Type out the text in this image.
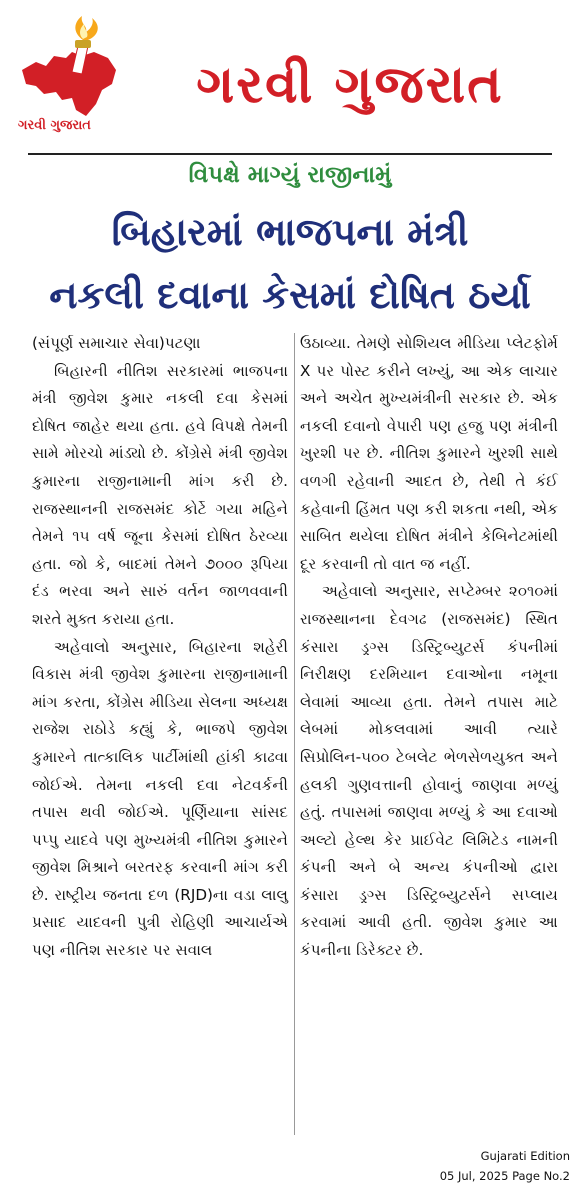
ગરવી ગુજરાત
ગરવી ગુજરાત
વિપક્ષે માગ્યું રાજીનામું
બિહારમાં ભાજપના મંત્રી
નકલી દવાના કેસમાં દોષિત ઠર્યા

(સંપૂર્ણ સમાચાર સેવા)પટણા

બિહારની નીતિશ સરકારમાં ભાજપના મંત્રી જીવેશ કુમાર નકલી દવા કેસમાં દોષિત જાહેર થયા હતા. હવે વિપક્ષે તેમની સામે મોરચો માંડ્યો છે. કોંગ્રેસે મંત્રી જીવેશ કુમારના રાજીનામાની માંગ કરી છે. રાજસ્થાનની રાજસમંદ કોર્ટે ગયા મહિને તેમને ૧૫ વર્ષ જૂના કેસમાં દોષિત ઠેરવ્યા હતા. જો કે, બાદમાં તેમને ૭૦૦૦ રૂપિયા દંડ ભરવા અને સારું વર્તન જાળવવાની શરતે મુક્ત કરાયા હતા.

અહેવાલો અનુસાર, બિહારના શહેરી વિકાસ મંત્રી જીવેશ કુમારના રાજીનામાની માંગ કરતા, કોંગ્રેસ મીડિયા સેલના અધ્યક્ષ રાજેશ રાઠોડે કહ્યું કે, ભાજપે જીવેશ કુમારને તાત્કાલિક પાર્ટીમાંથી હાંકી કાઢવા જોઈએ. તેમના નકલી દવા નેટવર્કની તપાસ થવી જોઈએ. પૂર્ણિયાના સાંસદ પપ્પુ યાદવે પણ મુખ્યમંત્રી નીતિશ કુમારને જીવેશ મિશ્રાને બરતરફ કરવાની માંગ કરી છે. રાષ્ટ્રીય જનતા દળ (RJD)ના વડા લાલુ પ્રસાદ યાદવની પુત્રી રોહિણી આચાર્યએ પણ નીતિશ સરકાર પર સવાલ

ઉઠાવ્યા. તેમણે સોશિયલ મીડિયા પ્લેટફોર્મ X પર પોસ્ટ કરીને લખ્યું, આ એક લાચાર અને અચેત મુખ્યમંત્રીની સરકાર છે. એક નકલી દવાનો વેપારી પણ હજુ પણ મંત્રીની ખુરશી પર છે. નીતિશ કુમારને ખુરશી સાથે વળગી રહેવાની આદત છે, તેથી તે કંઈ કહેવાની હિંમત પણ કરી શકતા નથી, એક સાબિત થયેલા દોષિત મંત્રીને કેબિનેટમાંથી દૂર કરવાની તો વાત જ નહીં.

અહેવાલો અનુસાર, સપ્ટેમ્બર ૨૦૧૦માં રાજસ્થાનના દેવગઢ (રાજસમંદ) સ્થિત કંસારા ડ્રગ્સ ડિસ્ટ્રિબ્યુટર્સ કંપનીમાં નિરીક્ષણ દરમિયાન દવાઓના નમૂના લેવામાં આવ્યા હતા. તેમને તપાસ માટે લેબમાં મોકલવામાં આવી ત્યારે સિપ્રોલિન-૫૦૦ ટેબલેટ ભેળસેળયુક્ત અને હલકી ગુણવત્તાની હોવાનું જાણવા મળ્યું હતું. તપાસમાં જાણવા મળ્યું કે આ દવાઓ અલ્ટો હેલ્થ કેર પ્રાઈવેટ લિમિટેડ નામની કંપની અને બે અન્ય કંપનીઓ દ્વારા કંસારા ડ્રગ્સ ડિસ્ટ્રિબ્યુટર્સને સપ્લાય કરવામાં આવી હતી. જીવેશ કુમાર આ કંપનીના ડિરેક્ટર છે.

Gujarati Edition
05 Jul, 2025 Page No.2
